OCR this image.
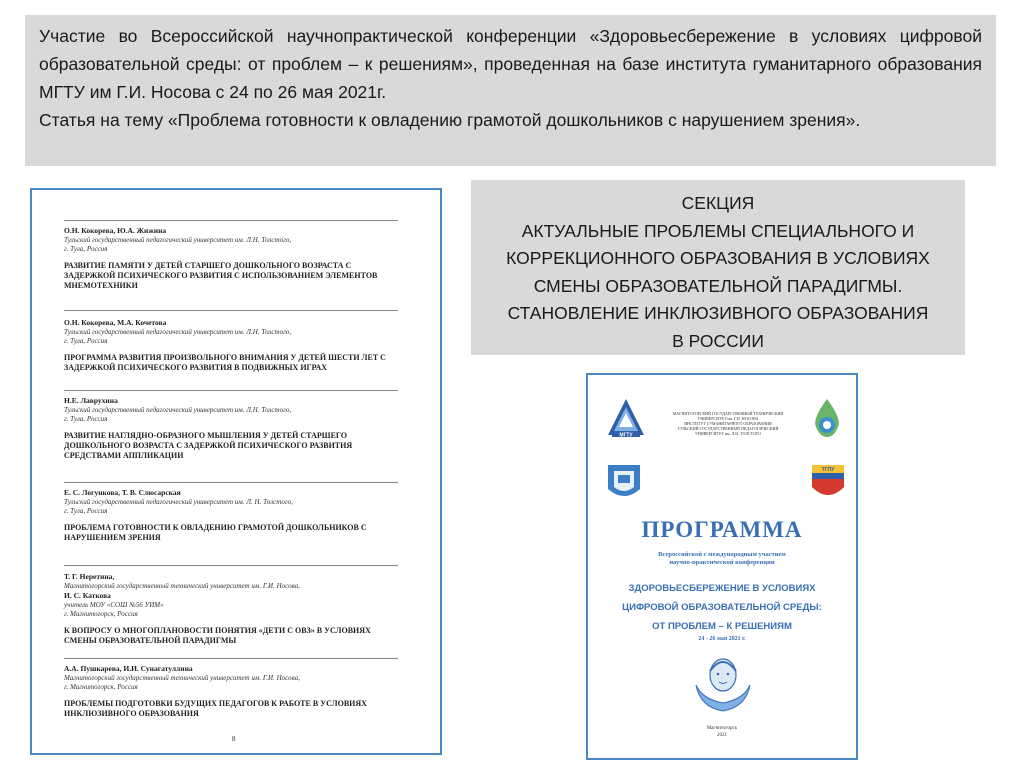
Участие во Всероссийской научнопрактической конференции «Здоровьесбережение в условиях цифровой образовательной среды: от проблем – к решениям», проведенная на базе института гуманитарного образования МГТУ им Г.И. Носова с 24 по 26 мая 2021г.

Статья на тему «Проблема готовности к овладению грамотой дошкольников с нарушением зрения».

О.Н. Кокорева, Ю.А. Жижина
Тульский государственный педагогический университет им. Л.Н. Толстого,
г. Тула, Россия
РАЗВИТИЕ ПАМЯТИ У ДЕТЕЙ СТАРШЕГО ДОШКОЛЬНОГО ВОЗРАСТА С ЗАДЕРЖКОЙ ПСИХИЧЕСКОГО РАЗВИТИЯ С ИСПОЛЬЗОВАНИЕМ ЭЛЕМЕНТОВ МНЕМОТЕХНИКИ
О.Н. Кокорева, М.А. Кочетова
Тульский государственный педагогический университет им. Л.Н. Толстого,
г. Тула, Россия
ПРОГРАММА РАЗВИТИЯ ПРОИЗВОЛЬНОГО ВНИМАНИЯ У ДЕТЕЙ ШЕСТИ ЛЕТ С ЗАДЕРЖКОЙ ПСИХИЧЕСКОГО РАЗВИТИЯ В ПОДВИЖНЫХ ИГРАХ
Н.Е. Лаврухина
Тульский государственный педагогический университет им. Л.Н. Толстого,
г. Тула, Россия
РАЗВИТИЕ НАГЛЯДНО-ОБРАЗНОГО МЫШЛЕНИЯ У ДЕТЕЙ СТАРШЕГО ДОШКОЛЬНОГО ВОЗРАСТА С ЗАДЕРЖКОЙ ПСИХИЧЕСКОГО РАЗВИТИЯ СРЕДСТВАМИ АППЛИКАЦИИ
Е. С. Логункова, Т. В. Слюсарская
Тульский государственный педагогический университет им. Л. Н. Толстого,
г. Тула, Россия
ПРОБЛЕМА ГОТОВНОСТИ К ОВЛАДЕНИЮ ГРАМОТОЙ ДОШКОЛЬНИКОВ С НАРУШЕНИЕМ ЗРЕНИЯ
Т. Г. Неретина,
Магнитогорский государственный технический университет им. Г.И. Носова,
И. С. Каткова
учитель МОУ «СОШ №56 УИМ»
г. Магнитогорск, Россия
К ВОПРОСУ О МНОГОПЛАНОВОСТИ ПОНЯТИЯ «ДЕТИ С ОВЗ» В УСЛОВИЯХ СМЕНЫ ОБРАЗОВАТЕЛЬНОЙ ПАРАДИГМЫ
А.А. Пушкарева, И.И. Сунагатуллина
Магнитогорский государственный технический университет им. Г.И. Носова,
г. Магнитогорск, Россия
ПРОБЛЕМЫ ПОДГОТОВКИ БУДУЩИХ ПЕДАГОГОВ К РАБОТЕ В УСЛОВИЯХ ИНКЛЮЗИВНОГО ОБРАЗОВАНИЯ
8
СЕКЦИЯ
АКТУАЛЬНЫЕ ПРОБЛЕМЫ СПЕЦИАЛЬНОГО И
КОРРЕКЦИОННОГО ОБРАЗОВАНИЯ В УСЛОВИЯХ
СМЕНЫ ОБРАЗОВАТЕЛЬНОЙ ПАРАДИГМЫ.
СТАНОВЛЕНИЕ ИНКЛЮЗИВНОГО ОБРАЗОВАНИЯ
В РОССИИ
МГТУ
ТГПУ
МАГНИТОГОРСКИЙ ГОСУДАРСТВЕННЫЙ ТЕХНИЧЕСКИЙ
УНИВЕРСИТЕТ им. Г.И. НОСОВА
ИНСТИТУТ ГУМАНИТАРНОГО ОБРАЗОВАНИЯ
ТУЛЬСКИЙ ГОСУДАРСТВЕННЫЙ ПЕДАГОГИЧЕСКИЙ
УНИВЕРСИТЕТ им. Л.Н. ТОЛСТОГО
ПРОГРАММА
Всероссийской с международным участием
научно-практической конференции
ЗДОРОВЬЕСБЕРЕЖЕНИЕ В УСЛОВИЯХ
ЦИФРОВОЙ ОБРАЗОВАТЕЛЬНОЙ СРЕДЫ:
ОТ ПРОБЛЕМ – К РЕШЕНИЯМ
24 - 26 мая 2021 г.
Магнитогорск
2021
